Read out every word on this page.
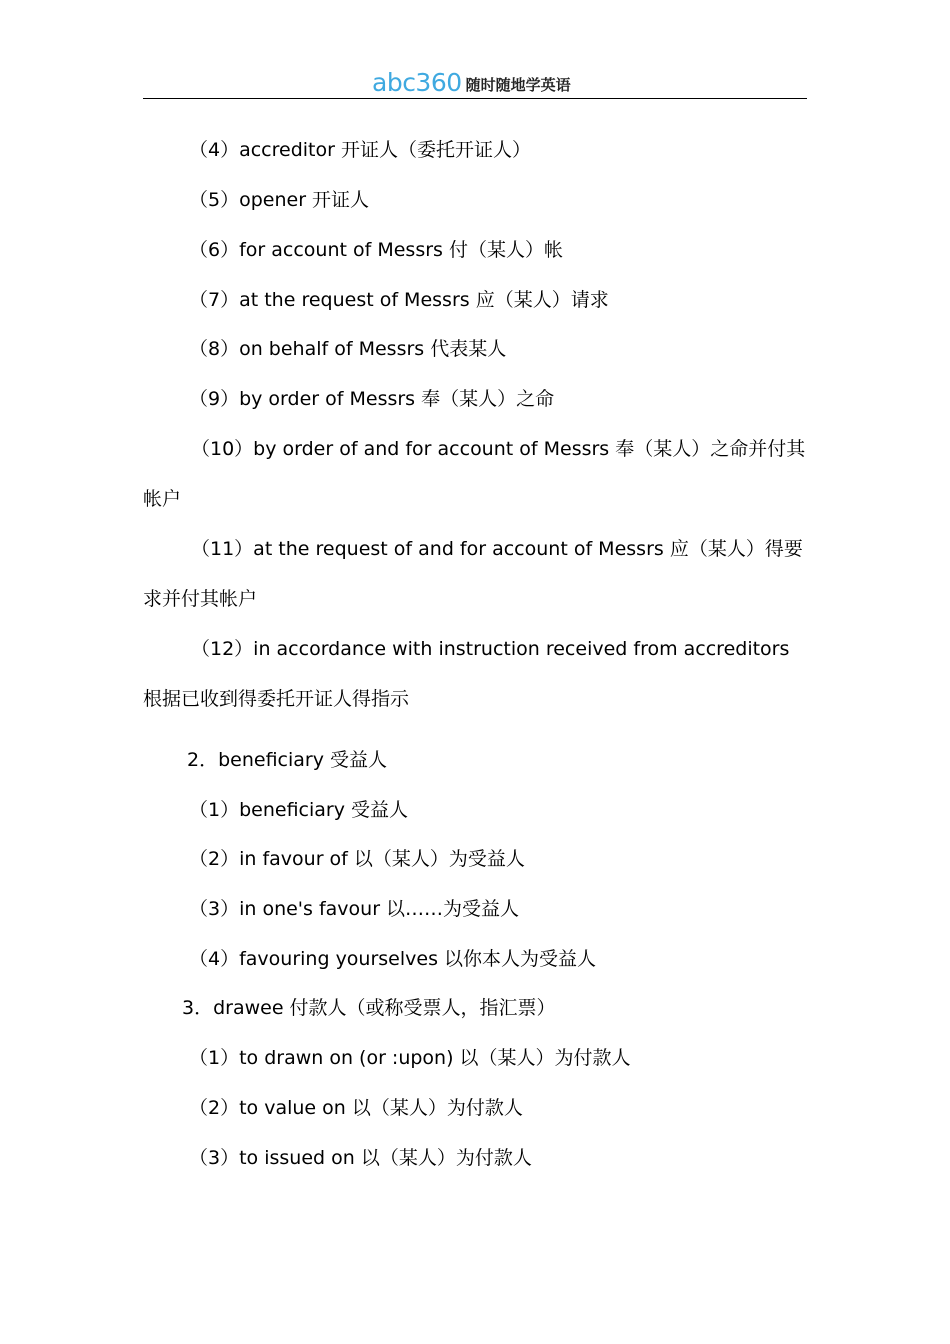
abc360 随时随地学英语
（4）accreditor 开证人（委托开证人）
（5）opener 开证人
（6）for account of Messrs 付（某人）帐
（7）at the request of Messrs 应（某人）请求
（8）on behalf of Messrs 代表某人
（9）by order of Messrs 奉（某人）之命
（10）by order of and for account of Messrs 奉（某人）之命并付其帐户
（11）at the request of and for account of Messrs 应（某人）得要求并付其帐户
（12）in accordance with instruction received from accreditors 根据已收到得委托开证人得指示
2．beneficiary 受益人
（1）beneficiary 受益人
（2）in favour of 以（某人）为受益人
（3）in one's favour 以……为受益人
（4）favouring yourselves 以你本人为受益人
3．drawee 付款人（或称受票人，指汇票）
（1）to drawn on (or :upon) 以（某人）为付款人
（2）to value on 以（某人）为付款人
（3）to issued on 以（某人）为付款人
